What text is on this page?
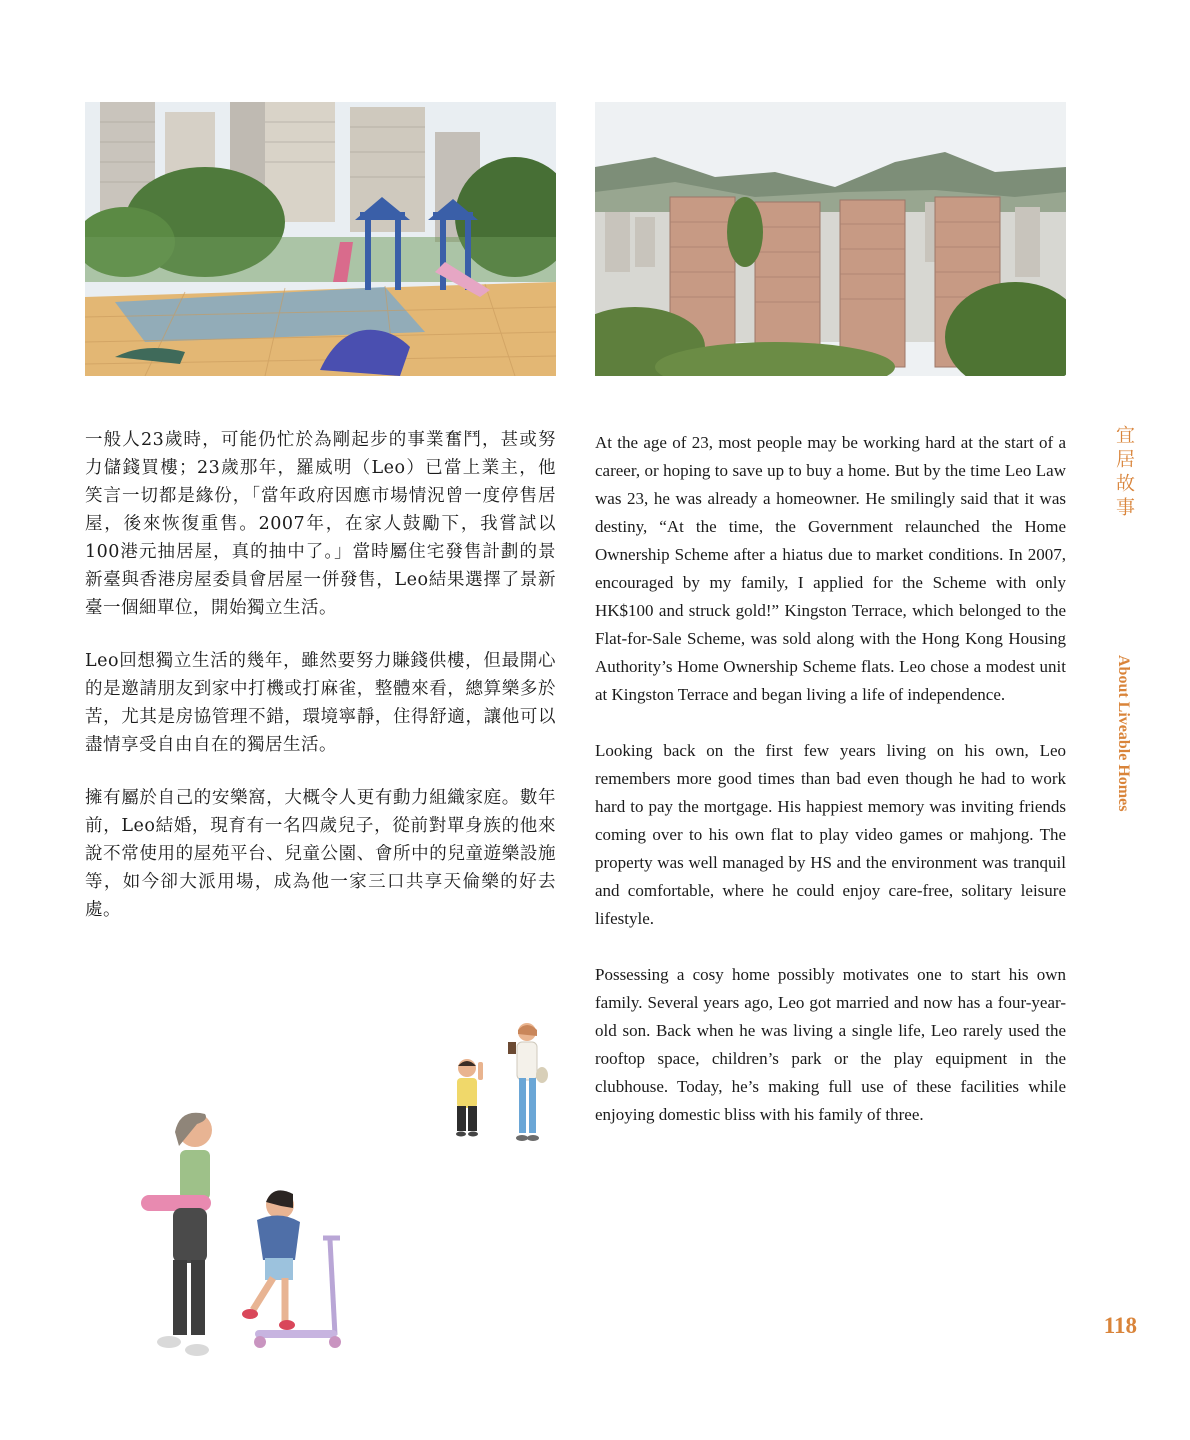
一般人23歲時，可能仍忙於為剛起步的事業奮鬥，甚或努力儲錢買樓；23歲那年，羅威明（Leo）已當上業主，他笑言一切都是緣份，「當年政府因應市場情況曾一度停售居屋，後來恢復重售。2007年，在家人鼓勵下，我嘗試以100港元抽居屋，真的抽中了。」當時屬住宅發售計劃的景新臺與香港房屋委員會居屋一併發售，Leo結果選擇了景新臺一個細單位，開始獨立生活。

Leo回想獨立生活的幾年，雖然要努力賺錢供樓，但最開心的是邀請朋友到家中打機或打麻雀，整體來看，總算樂多於苦，尤其是房協管理不錯，環境寧靜，住得舒適，讓他可以盡情享受自由自在的獨居生活。

擁有屬於自己的安樂窩，大概令人更有動力組織家庭。數年前，Leo結婚，現育有一名四歲兒子，從前對單身族的他來說不常使用的屋苑平台、兒童公園、會所中的兒童遊樂設施等，如今卻大派用場，成為他一家三口共享天倫樂的好去處。

At the age of 23, most people may be working hard at the start of a career, or hoping to save up to buy a home. But by the time Leo Law was 23, he was already a homeowner. He smilingly said that it was destiny, “At the time, the Government relaunched the Home Ownership Scheme after a hiatus due to market conditions. In 2007, encouraged by my family, I applied for the Scheme with only HK$100 and struck gold!” Kingston Terrace, which belonged to the Flat-for-Sale Scheme, was sold along with the Hong Kong Housing Authority’s Home Ownership Scheme flats. Leo chose a modest unit at Kingston Terrace and began living a life of independence.

Looking back on the first few years living on his own, Leo remembers more good times than bad even though he had to work hard to pay the mortgage. His happiest memory was inviting friends coming over to his own flat to play video games or mahjong. The property was well managed by HS and the environment was tranquil and comfortable, where he could enjoy care-free, solitary leisure lifestyle.

Possessing a cosy home possibly motivates one to start his own family. Several years ago, Leo got married and now has a four-year-old son. Back when he was living a single life, Leo rarely used the rooftop space, children’s park or the play equipment in the clubhouse. Today, he’s making full use of these facilities while enjoying domestic bliss with his family of three.

宜居故事
About Liveable Homes
118
